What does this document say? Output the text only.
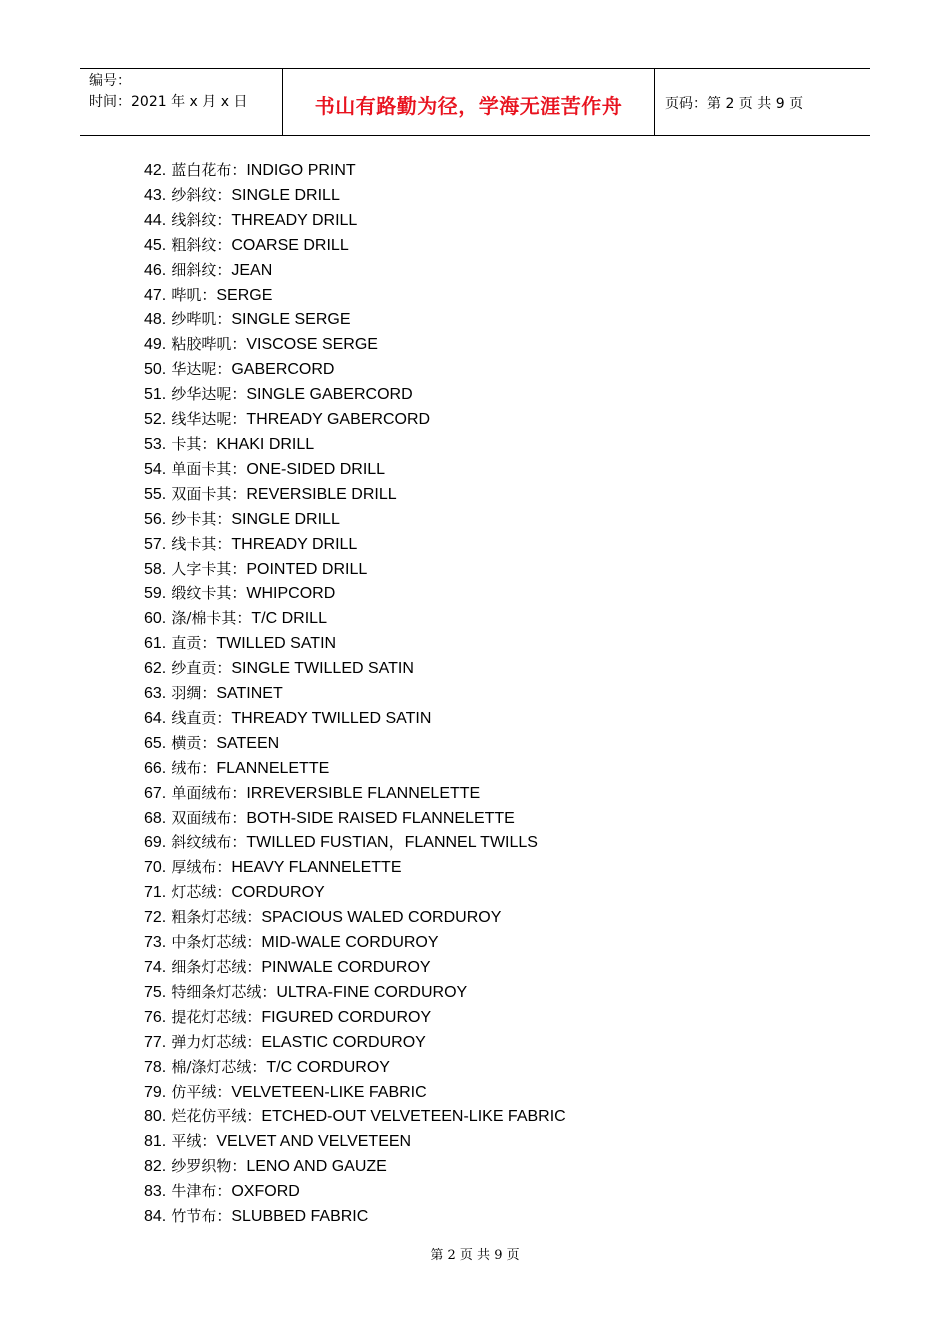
编号：
时间：2021 年 x 月 x 日	书山有路勤为径，学海无涯苦作舟	页码：第 2 页 共 9 页
42. 蓝白花布：INDIGO PRINT
43. 纱斜纹：SINGLE DRILL
44. 线斜纹：THREADY DRILL
45. 粗斜纹：COARSE DRILL
46. 细斜纹：JEAN
47. 哔叽：SERGE
48. 纱哔叽：SINGLE SERGE
49. 粘胶哔叽：VISCOSE SERGE
50. 华达呢：GABERCORD
51. 纱华达呢：SINGLE GABERCORD
52. 线华达呢：THREADY GABERCORD
53. 卡其：KHAKI DRILL
54. 单面卡其：ONE-SIDED DRILL
55. 双面卡其：REVERSIBLE DRILL
56. 纱卡其：SINGLE DRILL
57. 线卡其：THREADY DRILL
58. 人字卡其：POINTED DRILL
59. 缎纹卡其：WHIPCORD
60. 涤/棉卡其：T/C DRILL
61. 直贡：TWILLED SATIN
62. 纱直贡：SINGLE TWILLED SATIN
63. 羽绸：SATINET
64. 线直贡：THREADY TWILLED SATIN
65. 横贡：SATEEN
66. 绒布：FLANNELETTE
67. 单面绒布：IRREVERSIBLE FLANNELETTE
68. 双面绒布：BOTH-SIDE RAISED FLANNELETTE
69. 斜纹绒布：TWILLED FUSTIAN，FLANNEL TWILLS
70. 厚绒布：HEAVY FLANNELETTE
71. 灯芯绒：CORDUROY
72. 粗条灯芯绒：SPACIOUS WALED CORDUROY
73. 中条灯芯绒：MID-WALE CORDUROY
74. 细条灯芯绒：PINWALE CORDUROY
75. 特细条灯芯绒：ULTRA-FINE CORDUROY
76. 提花灯芯绒：FIGURED CORDUROY
77. 弹力灯芯绒：ELASTIC CORDUROY
78. 棉/涤灯芯绒：T/C CORDUROY
79. 仿平绒：VELVETEEN-LIKE FABRIC
80. 烂花仿平绒：ETCHED-OUT VELVETEEN-LIKE FABRIC
81. 平绒：VELVET AND VELVETEEN
82. 纱罗织物：LENO AND GAUZE
83. 牛津布：OXFORD
84. 竹节布：SLUBBED FABRIC
第 2 页 共 9 页
